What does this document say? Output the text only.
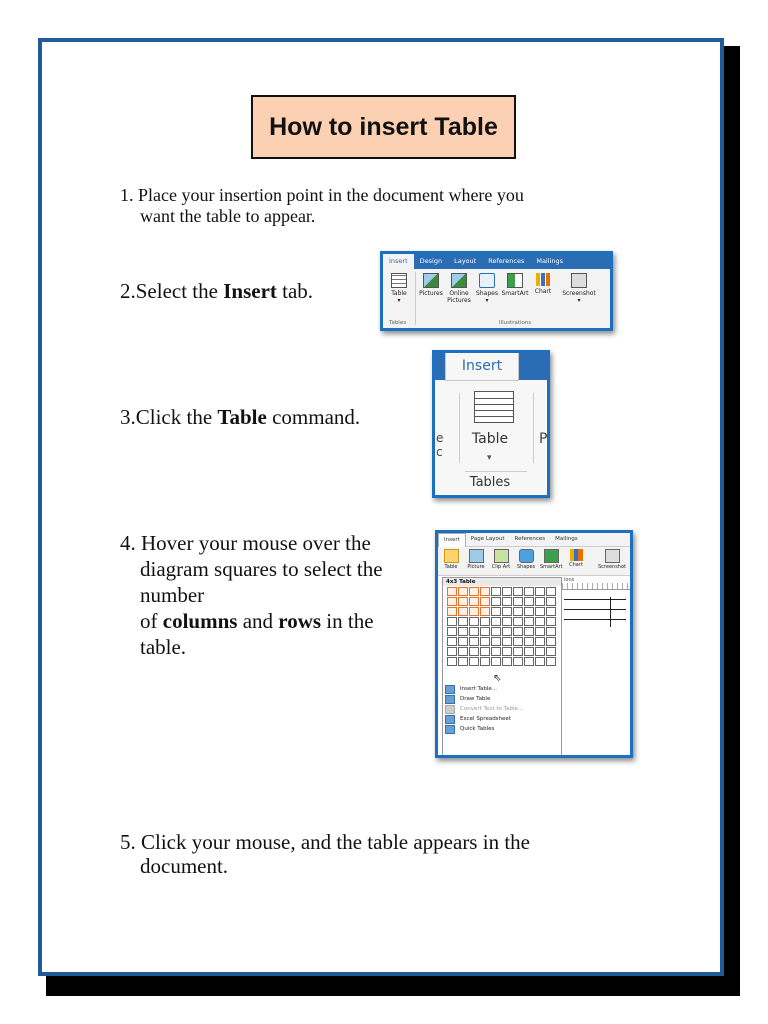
How to insert Table
1. Place your insertion point in the document where you
want the table to appear.
2.Select the Insert tab.
3.Click the Table command.
4. Hover your mouse over the
diagram squares to select the
number
of columns and rows in the
table.
5. Click your mouse, and the table appears in the
document.
Insert	Design	Layout	References	Mailings
Table
▾
Pictures	Online
Pictures
Shapes
▾
SmartArt	Chart	Screenshot
▾
Tables	Illustrations
Insert
Table
▾
Tables
e
c
P
Insert	Page Layout	References	Mailings
Table	Picture	Clip Art	Shapes SmartArt	Chart	Screenshot
4x3 Table
⇖
Insert Table...
Draw Table
Convert Text to Table...
Excel Spreadsheet
Quick Tables
ions
